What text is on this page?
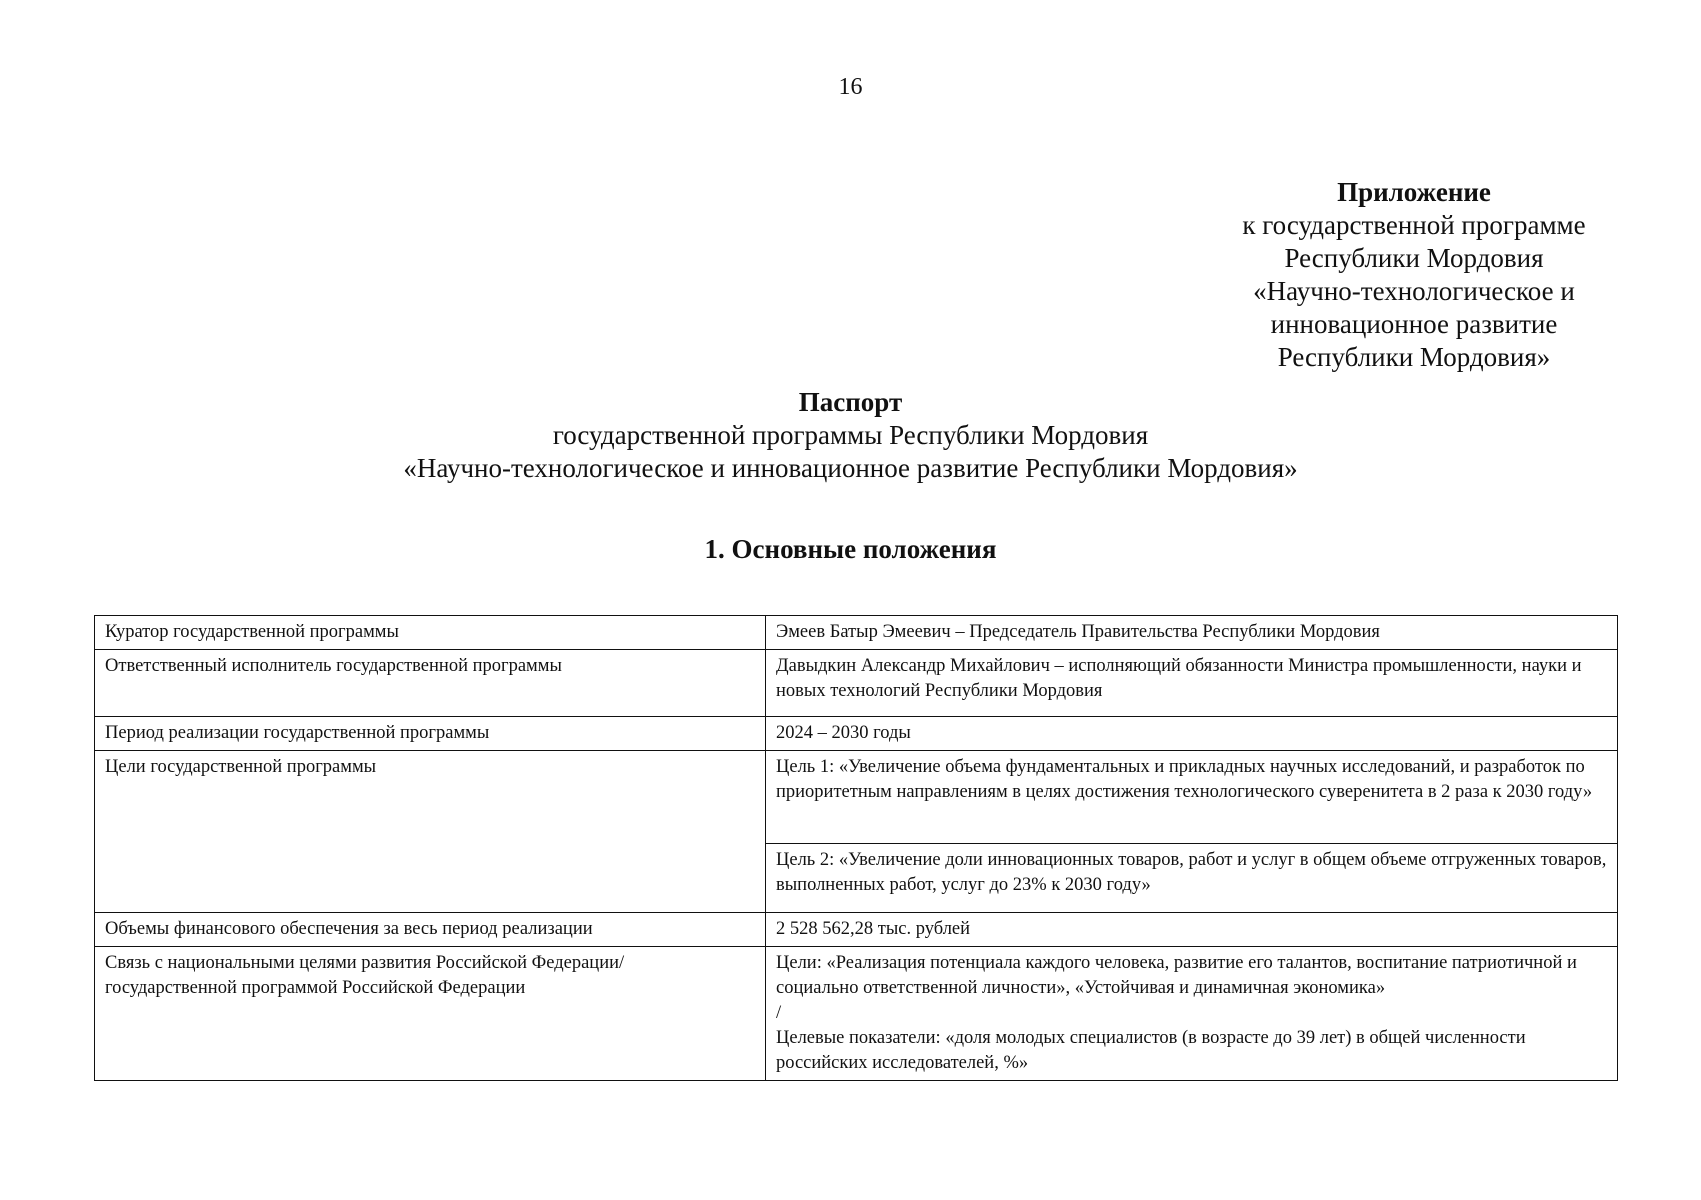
16
Приложение
к государственной программе
Республики Мордовия
«Научно-технологическое и
инновационное развитие
Республики Мордовия»
Паспорт
государственной программы Республики Мордовия
«Научно-технологическое и инновационное развитие Республики Мордовия»
1. Основные положения
Куратор государственной программы	Эмеев Батыр Эмеевич – Председатель Правительства Республики Мордовия
Ответственный исполнитель государственной программы	Давыдкин Александр Михайлович – исполняющий обязанности Министра промышленности, науки и новых технологий Республики Мордовия
Период реализации государственной программы	2024 – 2030 годы
Цели государственной программы	Цель 1: «Увеличение объема фундаментальных и прикладных научных исследований, и разработок по приоритетным направлениям в целях достижения технологического суверенитета в 2 раза к 2030 году»
	Цель 2: «Увеличение доли инновационных товаров, работ и услуг в общем объеме отгруженных товаров, выполненных работ, услуг до 23% к 2030 году»
Объемы финансового обеспечения за весь период реализации	2 528 562,28 тыс. рублей
Связь с национальными целями развития Российской Федерации/ государственной программой Российской Федерации	Цели: «Реализация потенциала каждого человека, развитие его талантов, воспитание патриотичной и социально ответственной личности», «Устойчивая и динамичная экономика»
/
Целевые показатели: «доля молодых специалистов (в возрасте до 39 лет) в общей численности российских исследователей, %»
